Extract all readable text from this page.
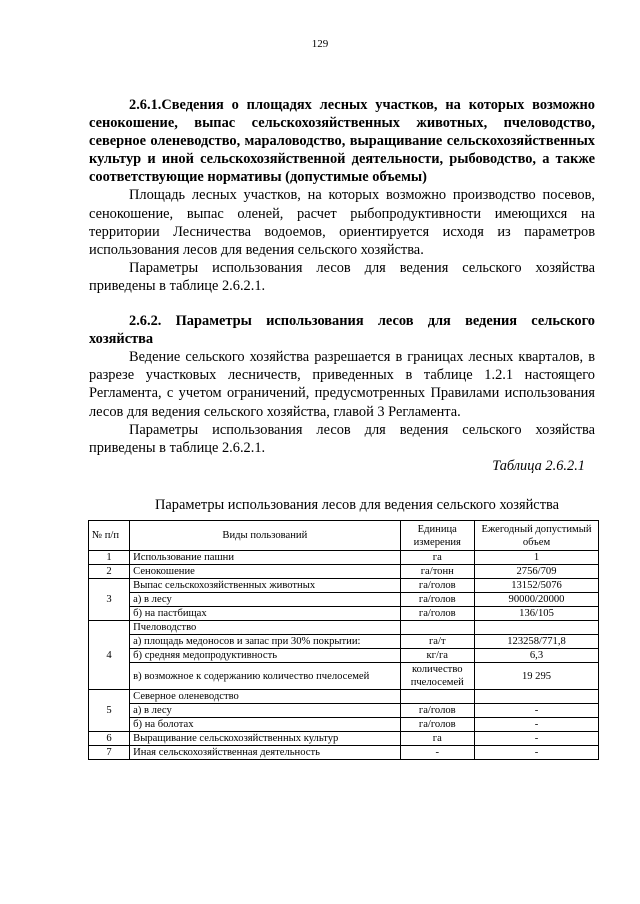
129

2.6.1.Сведения о площадях лесных участков, на которых возможно сенокошение, выпас сельскохозяйственных животных, пчеловодство, северное оленеводство, мараловодство, выращивание сельскохозяйственных культур и иной сельскохозяйственной деятельности, рыбоводство, а также соответствующие нормативы (допустимые объемы)

Площадь лесных участков, на которых возможно производство посевов, сенокошение, выпас оленей, расчет рыбопродуктивности имеющихся на территории Лесничества водоемов, ориентируется исходя из параметров использования лесов для ведения сельского хозяйства.

Параметры использования лесов для ведения сельского хозяйства приведены в таблице 2.6.2.1.

2.6.2. Параметры использования лесов для ведения сельского хозяйства

Ведение сельского хозяйства разрешается в границах лесных кварталов, в разрезе участковых лесничеств, приведенных в таблице 1.2.1 настоящего Регламента, с учетом ограничений, предусмотренных Правилами использования лесов для ведения сельского хозяйства, главой 3 Регламента.

Параметры использования лесов для ведения сельского хозяйства приведены в таблице 2.6.2.1.

Таблица 2.6.2.1

Параметры использования лесов для ведения сельского хозяйства

№ п/п	Виды пользований	Единица измерения	Ежегодный допустимый объем
1	Использование пашни	га	1
2	Сенокошение	га/тонн	2756/709
3	Выпас сельскохозяйственных животных	га/голов	13152/5076
	а) в лесу	га/голов	90000/20000
	б) на пастбищах	га/голов	136/105
4	Пчеловодство		
	а) площадь медоносов и запас при 30% покрытии:	га/т	123258/771,8
	б) средняя медопродуктивность	кг/га	6,3
	в) возможное к содержанию количество пчелосемей	количество пчелосемей	19 295
5	Северное оленеводство		
	а) в лесу	га/голов	-
	б) на болотах	га/голов	-
6	Выращивание сельскохозяйственных культур	га	-
7	Иная сельскохозяйственная деятельность	-	-
